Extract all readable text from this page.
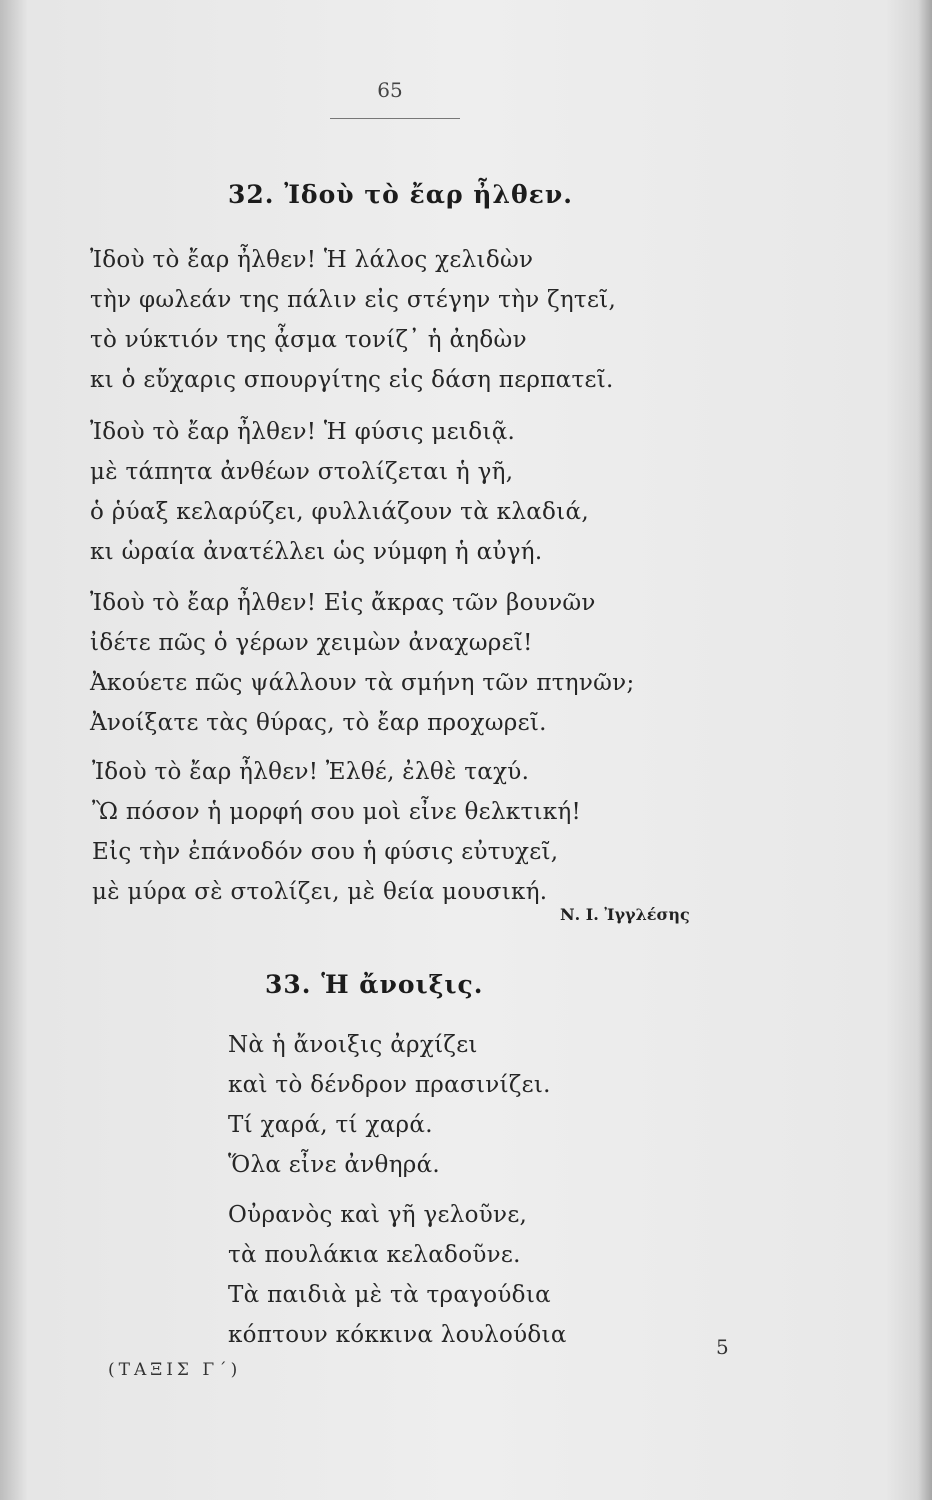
65
32. Ἰδοὺ τὸ ἔαρ ἦλθεν.
Ἰδοὺ τὸ ἔαρ ἦλθεν! Ἡ λάλος χελιδὼν
τὴν φωλεάν της πάλιν εἰς στέγην τὴν ζητεῖ,
τὸ νύκτιόν της ᾆσμα τονίζ᾽ ἡ ἀηδὼν
κι ὁ εὔχαρις σπουργίτης εἰς δάση περπατεῖ.
Ἰδοὺ τὸ ἔαρ ἦλθεν! Ἡ φύσις μειδιᾷ.
μὲ τάπητα ἀνθέων στολίζεται ἡ γῆ,
ὁ ῥύαξ κελαρύζει, φυλλιάζουν τὰ κλαδιά,
κι ὡραία ἀνατέλλει ὡς νύμφη ἡ αὐγή.
Ἰδοὺ τὸ ἔαρ ἦλθεν! Εἰς ἄκρας τῶν βουνῶν
ἰδέτε πῶς ὁ γέρων χειμὼν ἀναχωρεῖ!
Ἀκούετε πῶς ψάλλουν τὰ σμήνη τῶν πτηνῶν;
Ἀνοίξατε τὰς θύρας, τὸ ἔαρ προχωρεῖ.
Ἰδοὺ τὸ ἔαρ ἦλθεν! Ἐλθέ, ἐλθὲ ταχύ.
Ὢ πόσον ἡ μορφή σου μοὶ εἶνε θελκτική!
Εἰς τὴν ἐπάνοδόν σου ἡ φύσις εὐτυχεῖ,
μὲ μύρα σὲ στολίζει, μὲ θεία μουσική.
Ν. Ι. Ἰγγλέσης
33. Ἡ ἄνοιξις.
Νὰ ἡ ἄνοιξις ἀρχίζει
καὶ τὸ δένδρον πρασινίζει.
Τί χαρά, τί χαρά.
Ὅλα εἶνε ἀνθηρά.
Οὐρανὸς καὶ γῆ γελοῦνε,
τὰ πουλάκια κελαδοῦνε.
Τὰ παιδιὰ μὲ τὰ τραγούδια
κόπτουν κόκκινα λουλούδια
(ΤΑΞΙΣ Γ΄)
5
